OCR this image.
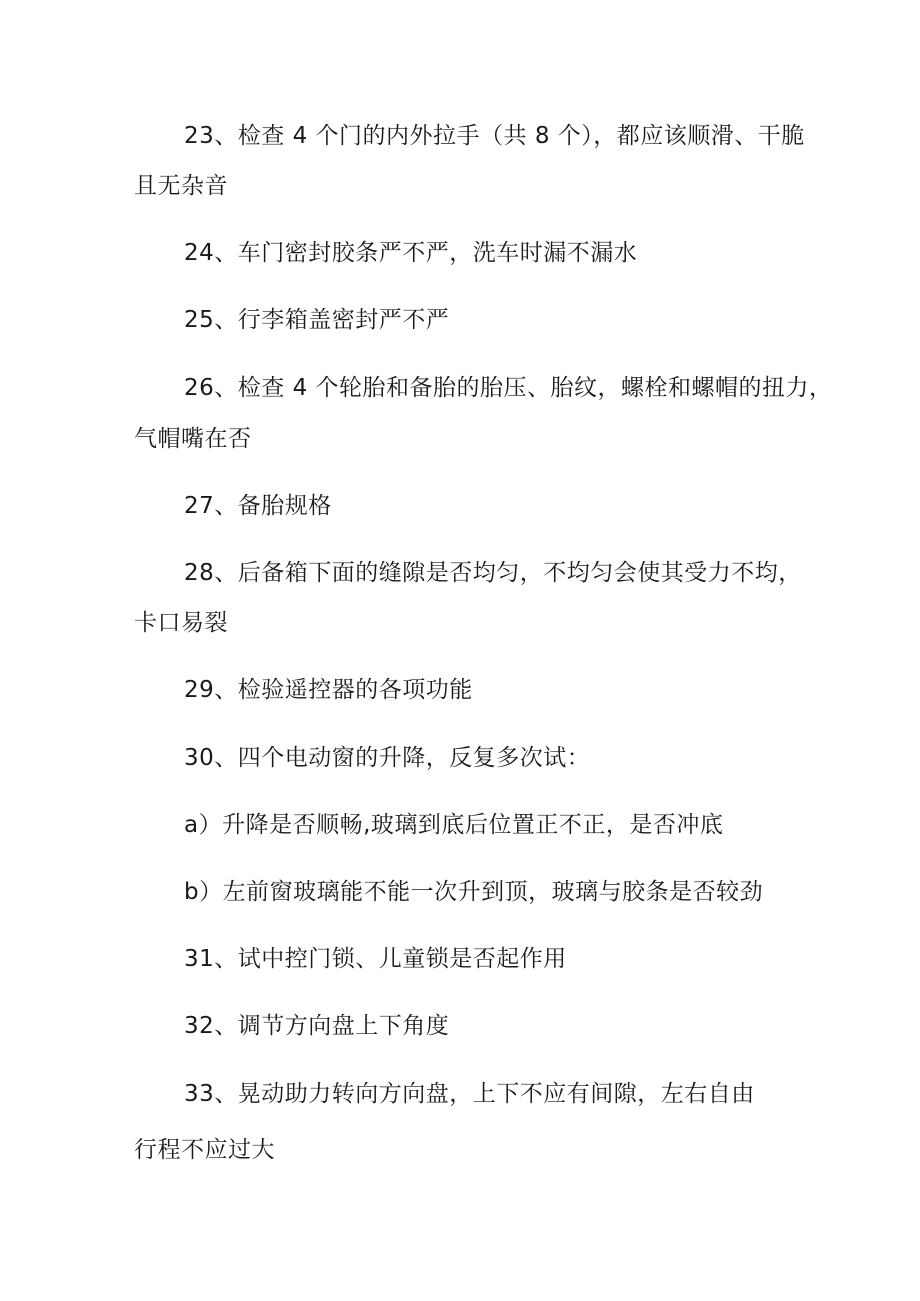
23、检查 4 个门的内外拉手（共 8 个），都应该顺滑、干脆
且无杂音
24、车门密封胶条严不严，洗车时漏不漏水
25、行李箱盖密封严不严
26、检查 4 个轮胎和备胎的胎压、胎纹，螺栓和螺帽的扭力，
气帽嘴在否
27、备胎规格
28、后备箱下面的缝隙是否均匀，不均匀会使其受力不均，
卡口易裂
29、检验遥控器的各项功能
30、四个电动窗的升降，反复多次试：
a）升降是否顺畅,玻璃到底后位置正不正，是否冲底
b）左前窗玻璃能不能一次升到顶，玻璃与胶条是否较劲
31、试中控门锁、儿童锁是否起作用
32、调节方向盘上下角度
33、晃动助力转向方向盘，上下不应有间隙，左右自由
行程不应过大
